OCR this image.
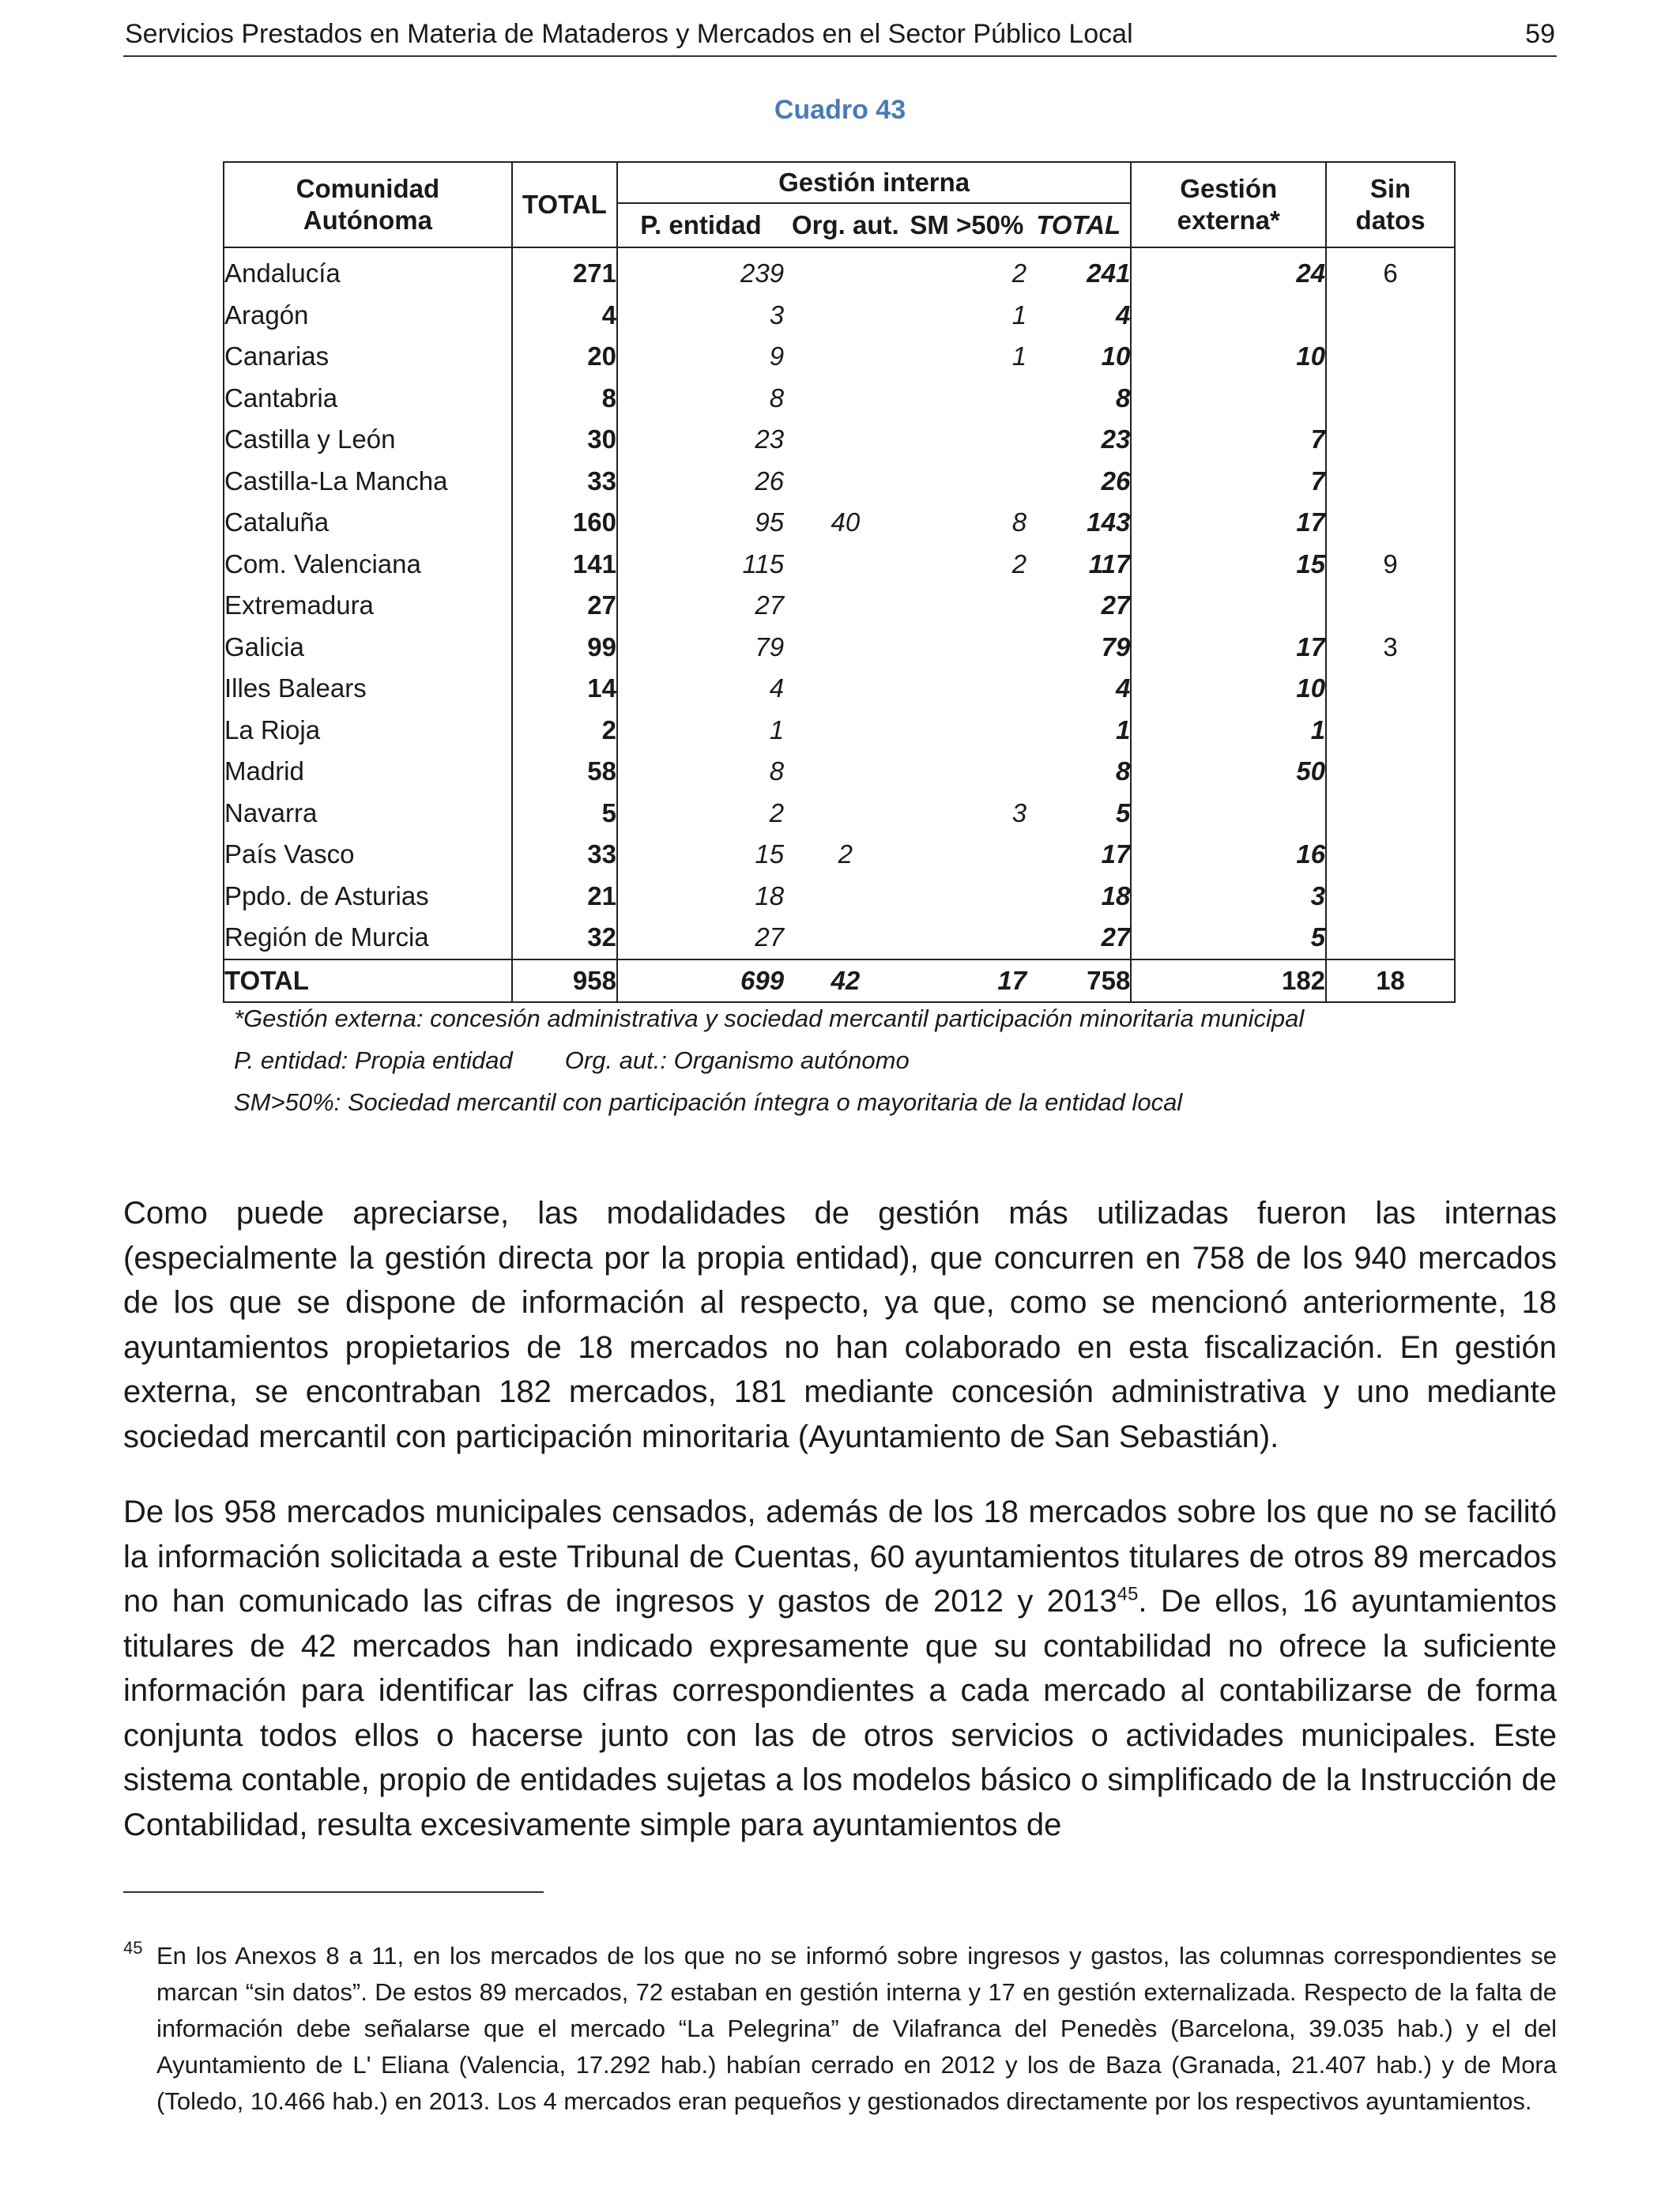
Servicios Prestados en Materia de Mataderos y Mercados en el Sector Público Local	59
Cuadro 43
Comunidad Autónoma	TOTAL	Gestión interna				Gestión externa*	Sin datos
		P. entidad	Org. aut.	SM >50%	TOTAL		
Andalucía	271	239		2	241	24	6
Aragón	4	3		1	4		
Canarias	20	9		1	10	10	
Cantabria	8	8			8		
Castilla y León	30	23			23	7	
Castilla-La Mancha	33	26			26	7	
Cataluña	160	95	40	8	143	17	
Com. Valenciana	141	115		2	117	15	9
Extremadura	27	27			27		
Galicia	99	79			79	17	3
Illes Balears	14	4			4	10	
La Rioja	2	1			1	1	
Madrid	58	8			8	50	
Navarra	5	2		3	5		
País Vasco	33	15	2		17	16	
Ppdo. de Asturias	21	18			18	3	
Región de Murcia	32	27			27	5	
TOTAL	958	699	42	17	758	182	18
*Gestión externa: concesión administrativa y sociedad mercantil participación minoritaria municipal
P. entidad: Propia entidad Org. aut.: Organismo autónomo
SM>50%: Sociedad mercantil con participación íntegra o mayoritaria de la entidad local

Como puede apreciarse, las modalidades de gestión más utilizadas fueron las internas (especialmente la gestión directa por la propia entidad), que concurren en 758 de los 940 mercados de los que se dispone de información al respecto, ya que, como se mencionó anteriormente, 18 ayuntamientos propietarios de 18 mercados no han colaborado en esta fiscalización. En gestión externa, se encontraban 182 mercados, 181 mediante concesión administrativa y uno mediante sociedad mercantil con participación minoritaria (Ayuntamiento de San Sebastián).

De los 958 mercados municipales censados, además de los 18 mercados sobre los que no se facilitó la información solicitada a este Tribunal de Cuentas, 60 ayuntamientos titulares de otros 89 mercados no han comunicado las cifras de ingresos y gastos de 2012 y 2013$^{45}$. De ellos, 16 ayuntamientos titulares de 42 mercados han indicado expresamente que su contabilidad no ofrece la suficiente información para identificar las cifras correspondientes a cada mercado al contabilizarse de forma conjunta todos ellos o hacerse junto con las de otros servicios o actividades municipales. Este sistema contable, propio de entidades sujetas a los modelos básico o simplificado de la Instrucción de Contabilidad, resulta excesivamente simple para ayuntamientos de

45 En los Anexos 8 a 11, en los mercados de los que no se informó sobre ingresos y gastos, las columnas correspondientes se marcan “sin datos”. De estos 89 mercados, 72 estaban en gestión interna y 17 en gestión externalizada. Respecto de la falta de información debe señalarse que el mercado “La Pelegrina” de Vilafranca del Penedès (Barcelona, 39.035 hab.) y el del Ayuntamiento de L' Eliana (Valencia, 17.292 hab.) habían cerrado en 2012 y los de Baza (Granada, 21.407 hab.) y de Mora (Toledo, 10.466 hab.) en 2013. Los 4 mercados eran pequeños y gestionados directamente por los respectivos ayuntamientos.
